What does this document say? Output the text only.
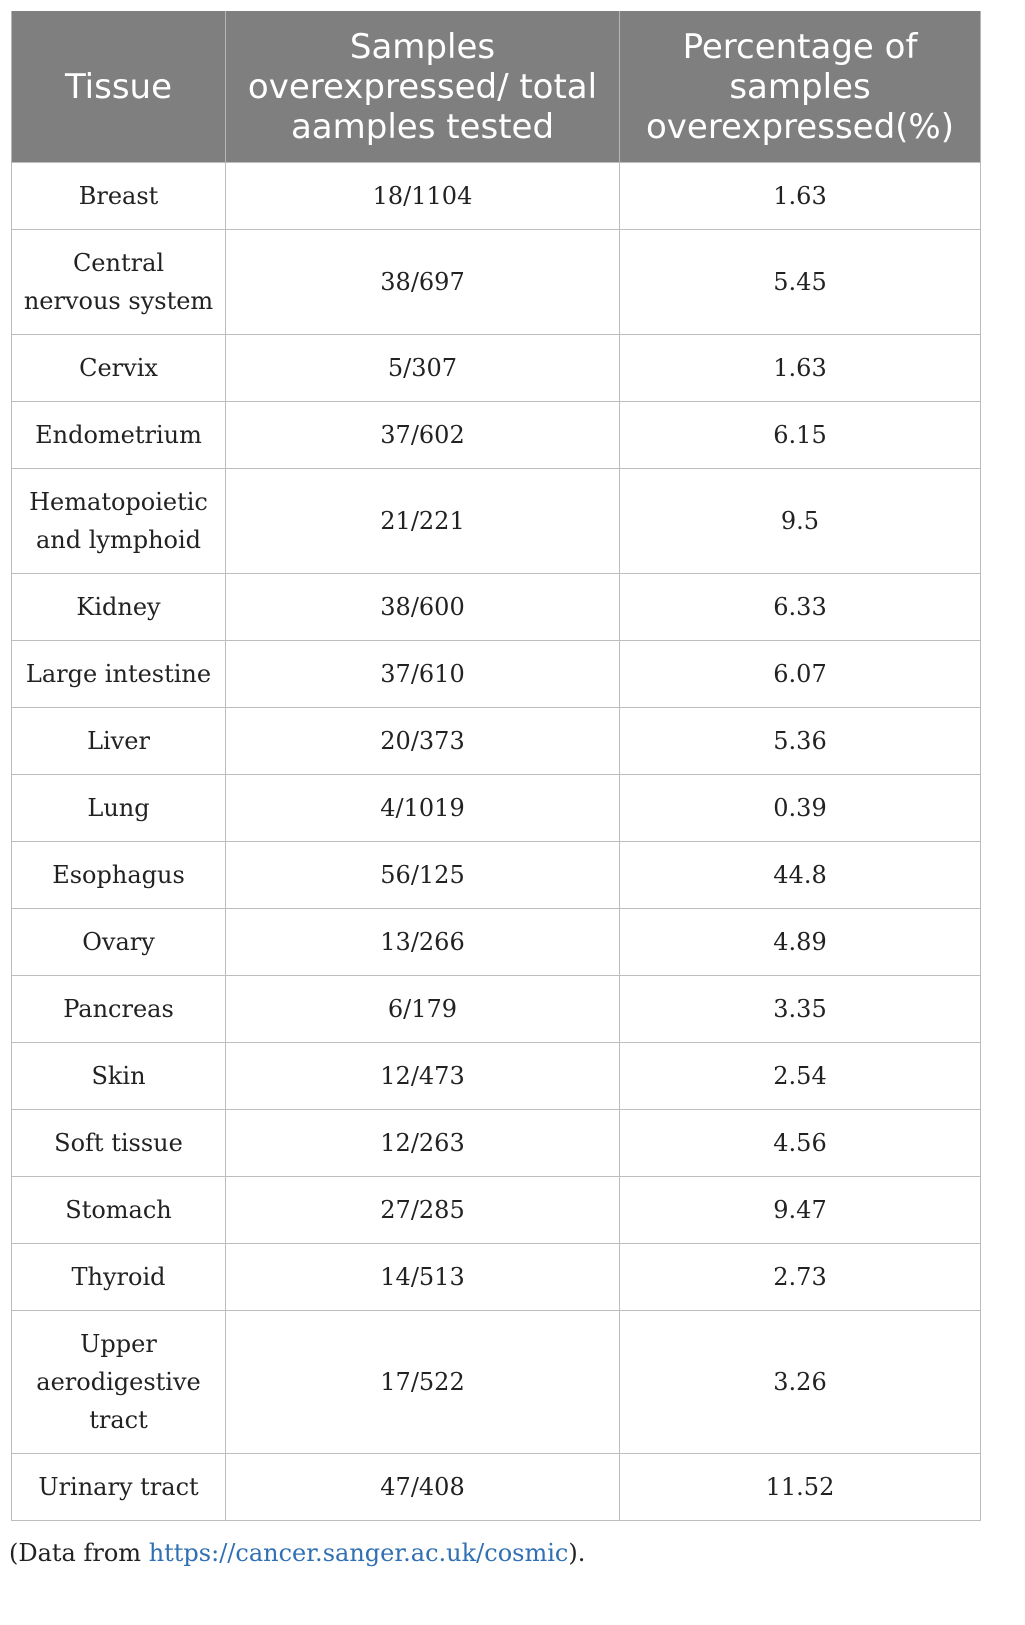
Tissue	Samples overexpressed/ total aamples tested	Percentage of samples overexpressed(%)
Breast	18/1104	1.63
Central nervous system	38/697	5.45
Cervix	5/307	1.63
Endometrium	37/602	6.15
Hematopoietic and lymphoid	21/221	9.5
Kidney	38/600	6.33
Large intestine	37/610	6.07
Liver	20/373	5.36
Lung	4/1019	0.39
Esophagus	56/125	44.8
Ovary	13/266	4.89
Pancreas	6/179	3.35
Skin	12/473	2.54
Soft tissue	12/263	4.56
Stomach	27/285	9.47
Thyroid	14/513	2.73
Upper aerodigestive tract	17/522	3.26
Urinary tract	47/408	11.52
(Data from https://cancer.sanger.ac.uk/cosmic).
